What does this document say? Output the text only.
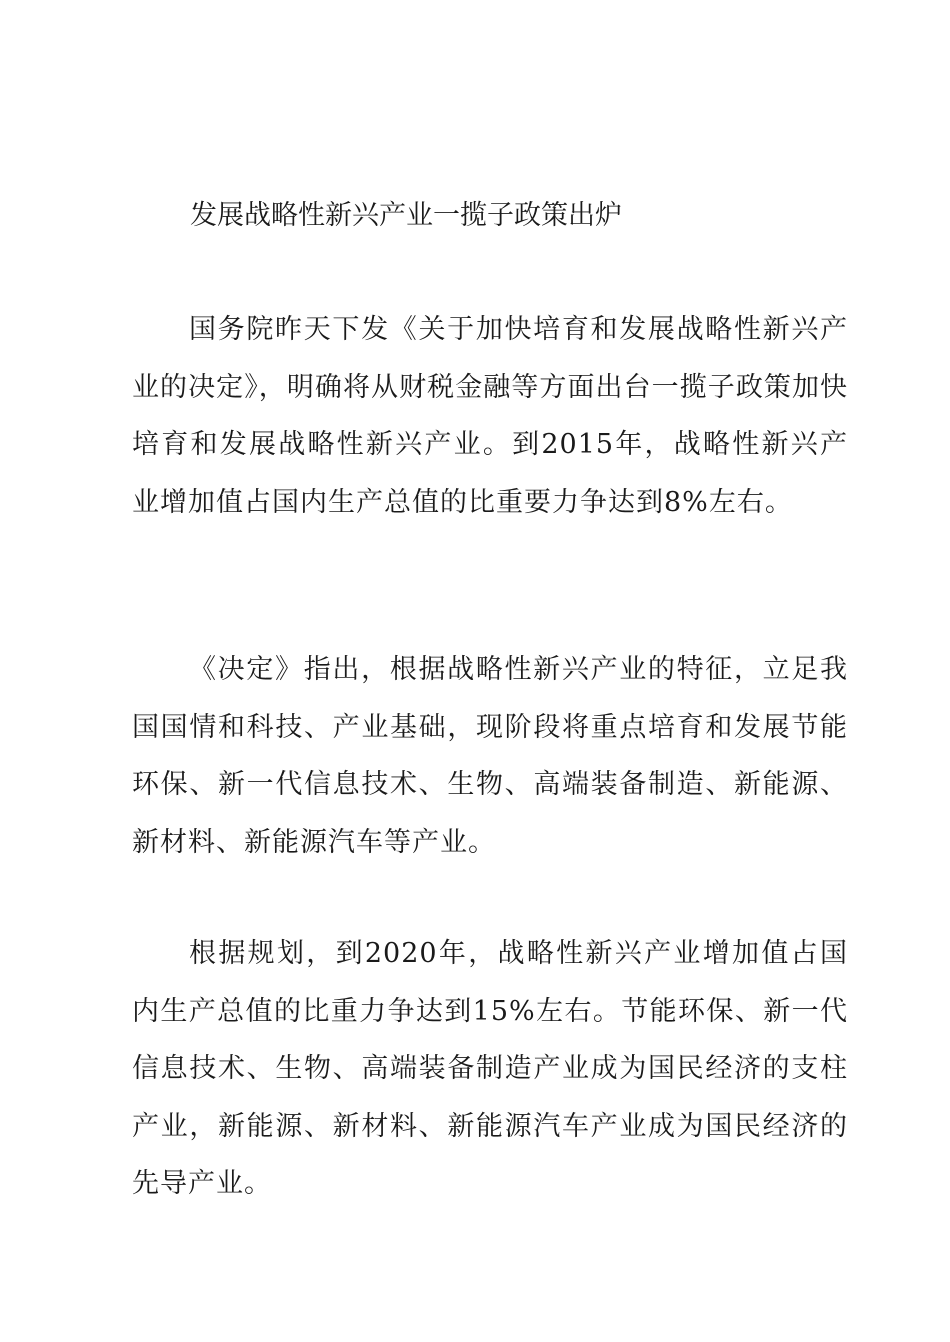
发展战略性新兴产业一揽子政策出炉

国务院昨天下发《关于加快培育和发展战略性新兴产业的决定》，明确将从财税金融等方面出台一揽子政策加快培育和发展战略性新兴产业。到2015年，战略性新兴产业增加值占国内生产总值的比重要力争达到8%左右。

《决定》指出，根据战略性新兴产业的特征，立足我国国情和科技、产业基础，现阶段将重点培育和发展节能环保、新一代信息技术、生物、高端装备制造、新能源、新材料、新能源汽车等产业。

根据规划，到2020年，战略性新兴产业增加值占国内生产总值的比重力争达到15%左右。节能环保、新一代信息技术、生物、高端装备制造产业成为国民经济的支柱产业，新能源、新材料、新能源汽车产业成为国民经济的先导产业。
